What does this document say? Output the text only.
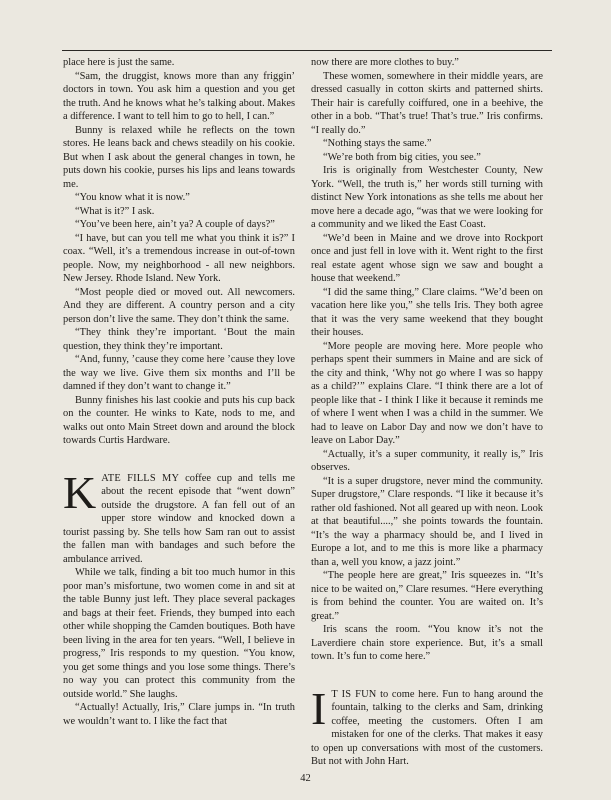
place here is just the same.

“Sam, the druggist, knows more than any friggin’ doctors in town. You ask him a question and you get the truth. And he knows what he’s talking about. Makes a difference. I want to tell him to go to hell, I can.”

Bunny is relaxed while he reflects on the town stores. He leans back and chews steadily on his cookie. But when I ask about the general changes in town, he puts down his cookie, purses his lips and leans towards me.

“You know what it is now.”

“What is it?” I ask.

“You’ve been here, ain’t ya? A couple of days?”

“I have, but can you tell me what you think it is?” I coax. “Well, it’s a tremendous increase in out-of-town people. Now, my neighborhood - all new neighbors. New Jersey. Rhode Island. New York.

“Most people died or moved out. All newcomers. And they are different. A country person and a city person don’t live the same. They don’t think the same.

“They think they’re important. ‘Bout the main question, they think they’re important.

“And, funny, ’cause they come here ’cause they love the way we live. Give them six months and I’ll be damned if they don’t want to change it.”

Bunny finishes his last cookie and puts his cup back on the counter. He winks to Kate, nods to me, and walks out onto Main Street down and around the block towards Curtis Hardware.

KATE FILLS MY coffee cup and tells me about the recent episode that “went down” outside the drugstore. A fan fell out of an upper store window and knocked down a tourist passing by. She tells how Sam ran out to assist the fallen man with bandages and such before the ambulance arrived.

While we talk, finding a bit too much humor in this poor man’s misfortune, two women come in and sit at the table Bunny just left. They place several packages and bags at their feet. Friends, they bumped into each other while shopping the Camden boutiques. Both have been living in the area for ten years. “Well, I believe in progress,” Iris responds to my question. “You know, you get some things and you lose some things. There’s no way you can protect this community from the outside world.” She laughs.

“Actually! Actually, Iris,” Clare jumps in. “In truth we wouldn’t want to. I like the fact that

now there are more clothes to buy.”

These women, somewhere in their middle years, are dressed casually in cotton skirts and patterned shirts. Their hair is carefully coiffured, one in a beehive, the other in a bob. “That’s true! That’s true.” Iris confirms. “I really do.”

“Nothing stays the same.”

“We’re both from big cities, you see.”

Iris is originally from Westchester County, New York. “Well, the truth is,” her words still turning with distinct New York intonations as she tells me about her move here a decade ago, “was that we were looking for a community and we liked the East Coast.

“We’d been in Maine and we drove into Rockport once and just fell in love with it. Went right to the first real estate agent whose sign we saw and bought a house that weekend.”

“I did the same thing,” Clare claims. “We’d been on vacation here like you,” she tells Iris. They both agree that it was the very same weekend that they bought their houses.

“More people are moving here. More people who perhaps spent their summers in Maine and are sick of the city and think, ‘Why not go where I was so happy as a child?’” explains Clare. “I think there are a lot of people like that - I think I like it because it reminds me of where I went when I was a child in the summer. We had to leave on Labor Day and now we don’t have to leave on Labor Day.”

“Actually, it’s a super community, it really is,” Iris observes.

“It is a super drugstore, never mind the community. Super drugstore,” Clare responds. “I like it because it’s rather old fashioned. Not all geared up with neon. Look at that beautiful....,” she points towards the fountain. “It’s the way a pharmacy should be, and I lived in Europe a lot, and to me this is more like a pharmacy than a, well you know, a jazz joint.”

“The people here are great,” Iris squeezes in. “It’s nice to be waited on,” Clare resumes. “Here everything is from behind the counter. You are waited on. It’s great.”

Iris scans the room. “You know it’s not the Laverdiere chain store experience. But, it’s a small town. It’s fun to come here.”

I T IS FUN to come here. Fun to hang around the fountain, talking to the clerks and Sam, drinking coffee, meeting the customers. Often I am mistaken for one of the clerks. That makes it easy to open up conversations with most of the customers. But not with John Hart.

42
